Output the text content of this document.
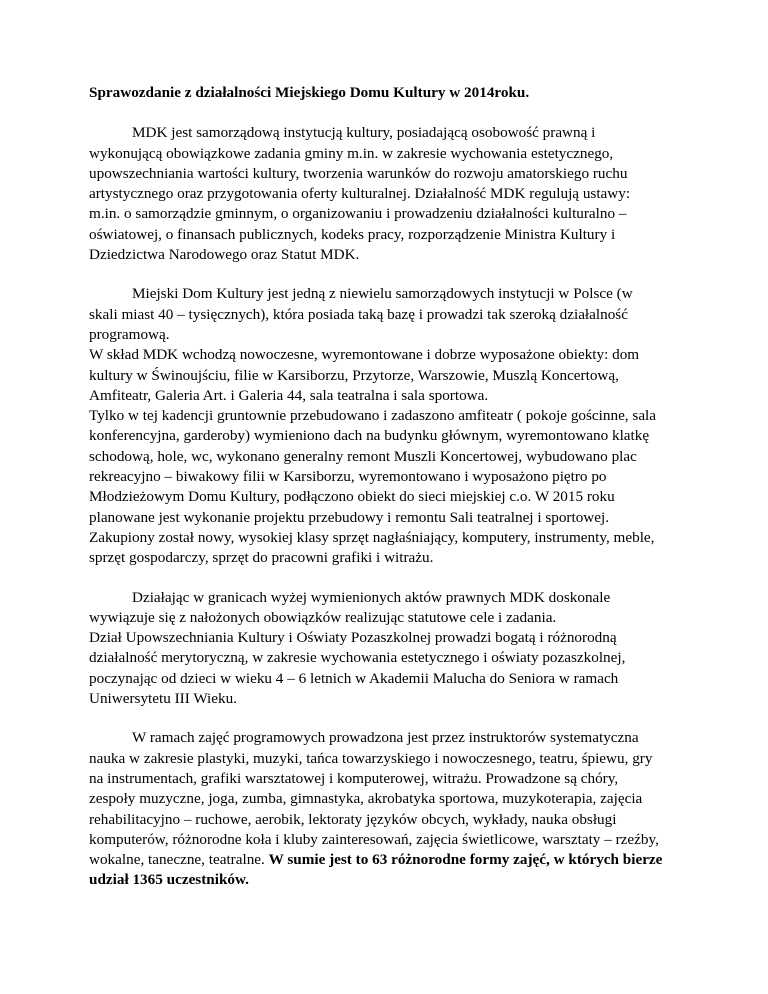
Sprawozdanie z działalności Miejskiego Domu Kultury w 2014roku.
MDK jest samorządową instytucją kultury, posiadającą osobowość prawną i
wykonującą obowiązkowe zadania gminy m.in. w zakresie wychowania estetycznego,
upowszechniania wartości kultury, tworzenia warunków do rozwoju amatorskiego ruchu
artystycznego oraz przygotowania oferty kulturalnej. Działalność MDK regulują ustawy:
m.in. o samorządzie gminnym, o organizowaniu i prowadzeniu działalności kulturalno –
oświatowej, o finansach publicznych, kodeks pracy, rozporządzenie Ministra Kultury i
Dziedzictwa Narodowego oraz Statut MDK.
Miejski Dom Kultury jest jedną z niewielu samorządowych instytucji w Polsce (w
skali miast 40 – tysięcznych), która posiada taką bazę i prowadzi tak szeroką działalność
programową.
W skład MDK wchodzą nowoczesne, wyremontowane i dobrze wyposażone obiekty: dom
kultury w Świnoujściu, filie w Karsiborzu, Przytorze, Warszowie, Muszlą Koncertową,
Amfiteatr, Galeria Art. i Galeria 44, sala teatralna i sala sportowa.
Tylko w tej kadencji gruntownie przebudowano i zadaszono amfiteatr ( pokoje gościnne, sala
konferencyjna, garderoby) wymieniono dach na budynku głównym, wyremontowano klatkę
schodową, hole, wc, wykonano generalny remont Muszli Koncertowej, wybudowano plac
rekreacyjno – biwakowy filii w Karsiborzu, wyremontowano i wyposażono piętro po
Młodzieżowym Domu Kultury, podłączono obiekt do sieci miejskiej c.o. W 2015 roku
planowane jest wykonanie projektu przebudowy i remontu Sali teatralnej i sportowej.
Zakupiony został nowy, wysokiej klasy sprzęt nagłaśniający, komputery, instrumenty, meble,
sprzęt gospodarczy, sprzęt do pracowni grafiki i witrażu.
Działając w granicach wyżej wymienionych aktów prawnych MDK doskonale
wywiązuje się z nałożonych obowiązków realizując statutowe cele i zadania.
Dział Upowszechniania Kultury i Oświaty Pozaszkolnej prowadzi bogatą i różnorodną
działalność merytoryczną, w zakresie wychowania estetycznego i oświaty pozaszkolnej,
poczynając od dzieci w wieku 4 – 6 letnich w Akademii Malucha do Seniora w ramach
Uniwersytetu III Wieku.
W ramach zajęć programowych prowadzona jest przez instruktorów systematyczna
nauka w zakresie plastyki, muzyki, tańca towarzyskiego i nowoczesnego, teatru, śpiewu, gry
na instrumentach, grafiki warsztatowej i komputerowej, witrażu. Prowadzone są chóry,
zespoły muzyczne, joga, zumba, gimnastyka, akrobatyka sportowa, muzykoterapia, zajęcia
rehabilitacyjno – ruchowe, aerobik, lektoraty języków obcych, wykłady, nauka obsługi
komputerów, różnorodne koła i kluby zainteresowań, zajęcia świetlicowe, warsztaty – rzeźby,
wokalne, taneczne, teatralne. W sumie jest to 63 różnorodne formy zajęć, w których bierze
udział 1365 uczestników.
